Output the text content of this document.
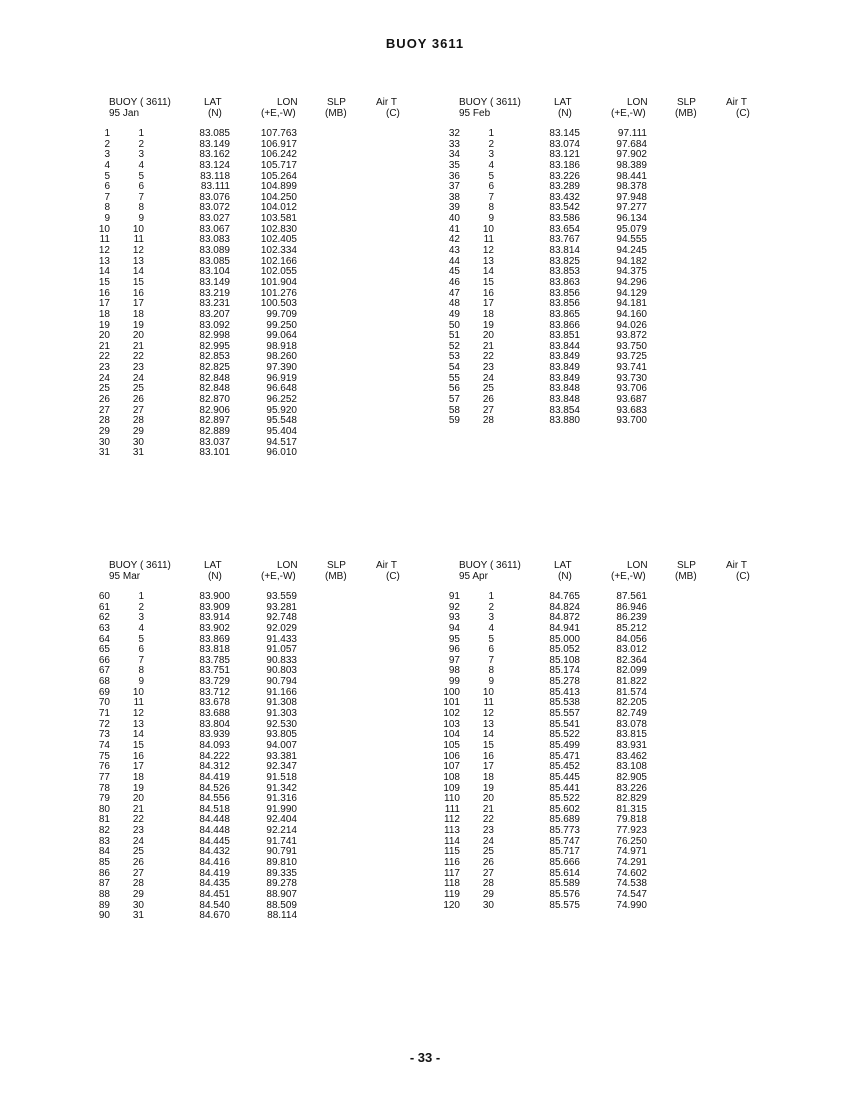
BUOY 3611
BUOY ( 3611)
95 Jan
LAT
(N)
LON
(+E,-W)
SLP
(MB)
Air T
(C)
1	1	83.085	107.763
2	2	83.149	106.917
3	3	83.162	106.242
4	4	83.124	105.717
5	5	83.118	105.264
6	6	83.111	104.899
7	7	83.076	104.250
8	8	83.072	104.012
9	9	83.027	103.581
10	10	83.067	102.830
11	11	83.083	102.405
12	12	83.089	102.334
13	13	83.085	102.166
14	14	83.104	102.055
15	15	83.149	101.904
16	16	83.219	101.276
17	17	83.231	100.503
18	18	83.207	99.709
19	19	83.092	99.250
20	20	82.998	99.064
21	21	82.995	98.918
22	22	82.853	98.260
23	23	82.825	97.390
24	24	82.848	96.919
25	25	82.848	96.648
26	26	82.870	96.252
27	27	82.906	95.920
28	28	82.897	95.548
29	29	82.889	95.404
30	30	83.037	94.517
31	31	83.101	96.010
BUOY ( 3611)
95 Feb
LAT
(N)
LON
(+E,-W)
SLP
(MB)
Air T
(C)
32	1	83.145	97.111
33	2	83.074	97.684
34	3	83.121	97.902
35	4	83.186	98.389
36	5	83.226	98.441
37	6	83.289	98.378
38	7	83.432	97.948
39	8	83.542	97.277
40	9	83.586	96.134
41	10	83.654	95.079
42	11	83.767	94.555
43	12	83.814	94.245
44	13	83.825	94.182
45	14	83.853	94.375
46	15	83.863	94.296
47	16	83.856	94.129
48	17	83.856	94.181
49	18	83.865	94.160
50	19	83.866	94.026
51	20	83.851	93.872
52	21	83.844	93.750
53	22	83.849	93.725
54	23	83.849	93.741
55	24	83.849	93.730
56	25	83.848	93.706
57	26	83.848	93.687
58	27	83.854	93.683
59	28	83.880	93.700
BUOY ( 3611)
95 Mar
LAT
(N)
LON
(+E,-W)
SLP
(MB)
Air T
(C)
60	1	83.900	93.559
61	2	83.909	93.281
62	3	83.914	92.748
63	4	83.902	92.029
64	5	83.869	91.433
65	6	83.818	91.057
66	7	83.785	90.833
67	8	83.751	90.803
68	9	83.729	90.794
69	10	83.712	91.166
70	11	83.678	91.308
71	12	83.688	91.303
72	13	83.804	92.530
73	14	83.939	93.805
74	15	84.093	94.007
75	16	84.222	93.381
76	17	84.312	92.347
77	18	84.419	91.518
78	19	84.526	91.342
79	20	84.556	91.316
80	21	84.518	91.990
81	22	84.448	92.404
82	23	84.448	92.214
83	24	84.445	91.741
84	25	84.432	90.791
85	26	84.416	89.810
86	27	84.419	89.335
87	28	84.435	89.278
88	29	84.451	88.907
89	30	84.540	88.509
90	31	84.670	88.114
BUOY ( 3611)
95 Apr
LAT
(N)
LON
(+E,-W)
SLP
(MB)
Air T
(C)
91	1	84.765	87.561
92	2	84.824	86.946
93	3	84.872	86.239
94	4	84.941	85.212
95	5	85.000	84.056
96	6	85.052	83.012
97	7	85.108	82.364
98	8	85.174	82.099
99	9	85.278	81.822
100	10	85.413	81.574
101	11	85.538	82.205
102	12	85.557	82.749
103	13	85.541	83.078
104	14	85.522	83.815
105	15	85.499	83.931
106	16	85.471	83.462
107	17	85.452	83.108
108	18	85.445	82.905
109	19	85.441	83.226
110	20	85.522	82.829
111	21	85.602	81.315
112	22	85.689	79.818
113	23	85.773	77.923
114	24	85.747	76.250
115	25	85.717	74.971
116	26	85.666	74.291
117	27	85.614	74.602
118	28	85.589	74.538
119	29	85.576	74.547
120	30	85.575	74.990
- 33 -
